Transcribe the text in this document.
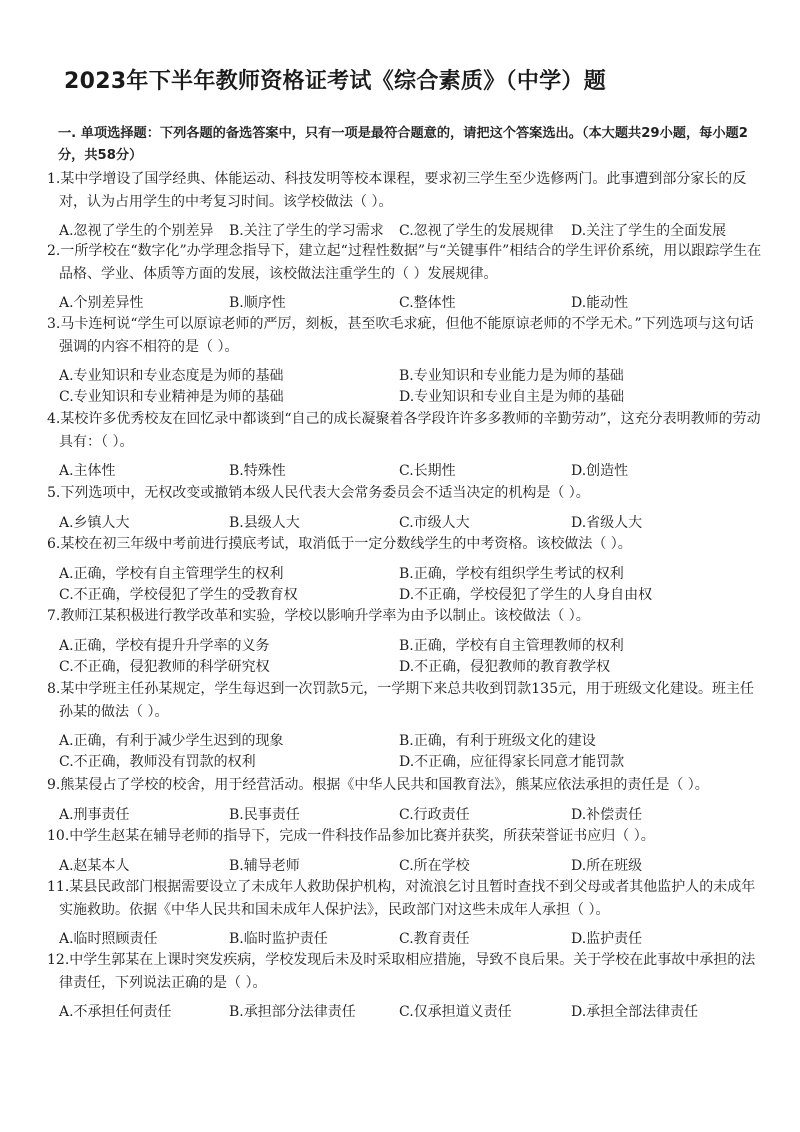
2023年下半年教师资格证考试《综合素质》（中学）题
一. 单项选择题：下列各题的备选答案中，只有一项是最符合题意的，请把这个答案选出。（本大题共29小题，每小题2分，共58分）

1.某中学增设了国学经典、体能运动、科技发明等校本课程，要求初三学生至少选修两门。此事遭到部分家长的反对，认为占用学生的中考复习时间。该学校做法（ ）。

A.忽视了学生的个别差异 B.关注了学生的学习需求 C.忽视了学生的发展规律 D.关注了学生的全面发展

2.一所学校在“数字化”办学理念指导下，建立起“过程性数据”与“关键事件”相结合的学生评价系统，用以跟踪学生在品格、学业、体质等方面的发展，该校做法注重学生的（ ）发展规律。

A.个别差异性	B.顺序性	C.整体性	D.能动性

3.马卡连柯说“学生可以原谅老师的严厉，刻板，甚至吹毛求疵，但他不能原谅老师的不学无术。”下列选项与这句话强调的内容不相符的是（ ）。

A.专业知识和专业态度是为师的基础	B.专业知识和专业能力是为师的基础
C.专业知识和专业精神是为师的基础	D.专业知识和专业自主是为师的基础

4.某校许多优秀校友在回忆录中都谈到“自己的成长凝聚着各学段许许多多教师的辛勤劳动”，这充分表明教师的劳动具有：（ ）。

A.主体性	B.特殊性	C.长期性	D.创造性

5.下列选项中，无权改变或撤销本级人民代表大会常务委员会不适当决定的机构是（ ）。

A.乡镇人大	B.县级人大	C.市级人大	D.省级人大

6.某校在初三年级中考前进行摸底考试，取消低于一定分数线学生的中考资格。该校做法（ ）。

A.正确，学校有自主管理学生的权利	B.正确，学校有组织学生考试的权利
C.不正确，学校侵犯了学生的受教育权	D.不正确，学校侵犯了学生的人身自由权

7.教师江某积极进行教学改革和实验，学校以影响升学率为由予以制止。该校做法（ ）。

A.正确，学校有提升升学率的义务	B.正确，学校有自主管理教师的权利
C.不正确，侵犯教师的科学研究权	D.不正确，侵犯教师的教育教学权

8.某中学班主任孙某规定，学生每迟到一次罚款5元，一学期下来总共收到罚款135元，用于班级文化建设。班主任孙某的做法（ ）。

A.正确，有利于减少学生迟到的现象	B.正确，有利于班级文化的建设
C.不正确，教师没有罚款的权利	D.不正确，应征得家长同意才能罚款

9.熊某侵占了学校的校舍，用于经营活动。根据《中华人民共和国教育法》，熊某应依法承担的责任是（ ）。

A.刑事责任	B.民事责任	C.行政责任	D.补偿责任

10.中学生赵某在辅导老师的指导下，完成一件科技作品参加比赛并获奖，所获荣誉证书应归（ ）。

A.赵某本人	B.辅导老师	C.所在学校	D.所在班级

11.某县民政部门根据需要设立了未成年人救助保护机构，对流浪乞讨且暂时查找不到父母或者其他监护人的未成年实施救助。依据《中华人民共和国未成年人保护法》，民政部门对这些未成年人承担（ ）。

A.临时照顾责任	B.临时监护责任	C.教育责任	D.监护责任

12.中学生郭某在上课时突发疾病，学校发现后未及时采取相应措施，导致不良后果。关于学校在此事故中承担的法律责任，下列说法正确的是（ ）。

A.不承担任何责任	B.承担部分法律责任	C.仅承担道义责任	D.承担全部法律责任
